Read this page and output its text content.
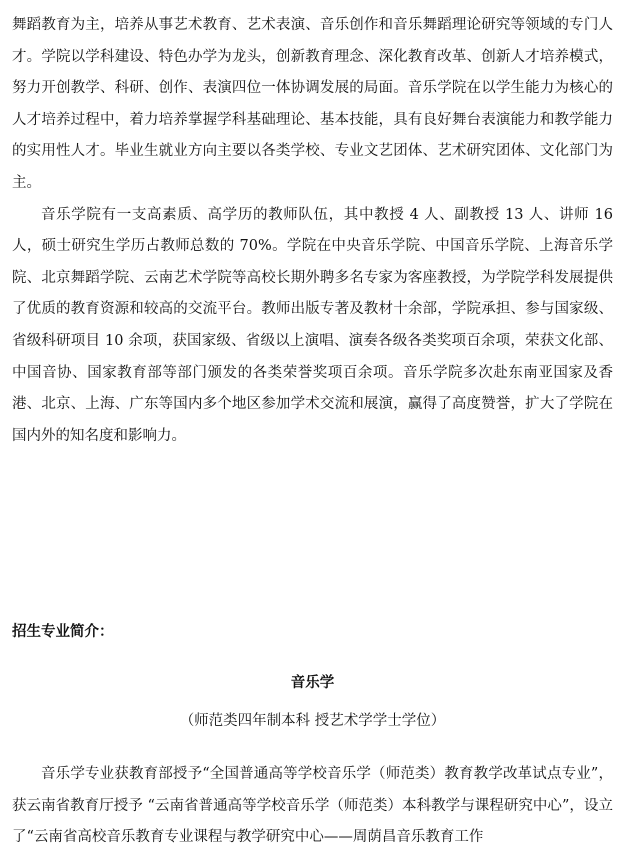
舞蹈教育为主，培养从事艺术教育、艺术表演、音乐创作和音乐舞蹈理论研究等领域的专门人才。学院以学科建设、特色办学为龙头，创新教育理念、深化教育改革、创新人才培养模式，努力开创教学、科研、创作、表演四位一体协调发展的局面。音乐学院在以学生能力为核心的人才培养过程中，着力培养掌握学科基础理论、基本技能，具有良好舞台表演能力和教学能力的实用性人才。毕业生就业方向主要以各类学校、专业文艺团体、艺术研究团体、文化部门为主。

音乐学院有一支高素质、高学历的教师队伍，其中教授 4 人、副教授 13 人、讲师 16 人，硕士研究生学历占教师总数的 70%。学院在中央音乐学院、中国音乐学院、上海音乐学院、北京舞蹈学院、云南艺术学院等高校长期外聘多名专家为客座教授，为学院学科发展提供了优质的教育资源和较高的交流平台。教师出版专著及教材十余部，学院承担、参与国家级、省级科研项目 10 余项，获国家级、省级以上演唱、演奏各级各类奖项百余项，荣获文化部、中国音协、国家教育部等部门颁发的各类荣誉奖项百余项。音乐学院多次赴东南亚国家及香港、北京、上海、广东等国内多个地区参加学术交流和展演，赢得了高度赞誉，扩大了学院在国内外的知名度和影响力。

招生专业简介：

音乐学

（师范类四年制本科 授艺术学学士学位）

音乐学专业获教育部授予“全国普通高等学校音乐学（师范类）教育教学改革试点专业”，获云南省教育厅授予 “云南省普通高等学校音乐学（师范类）本科教学与课程研究中心”，设立了“云南省高校音乐教育专业课程与教学研究中心——周荫昌音乐教育工作
